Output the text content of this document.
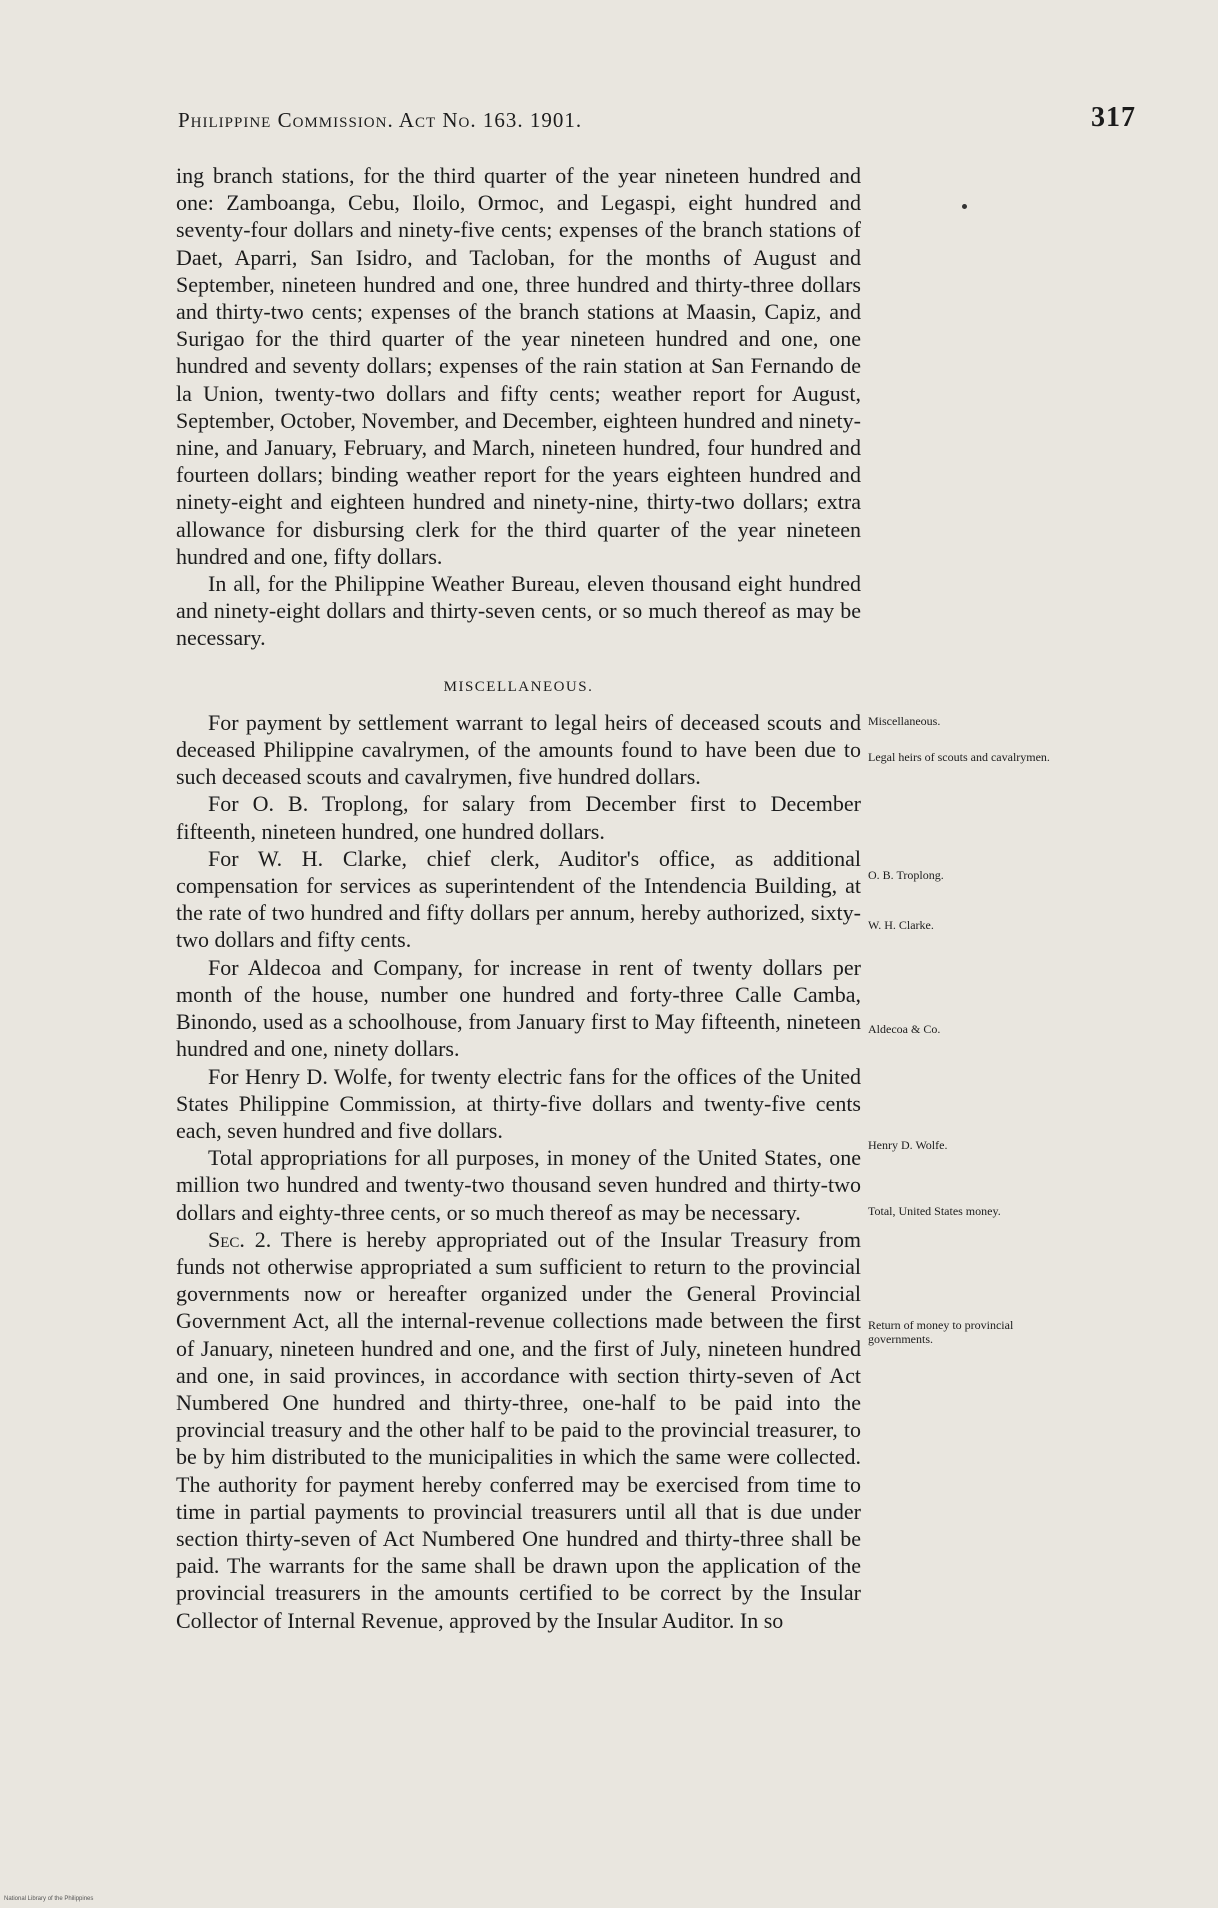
Philippine Commission. Act No. 163. 1901.	317

ing branch stations, for the third quarter of the year nineteen hundred and one: Zamboanga, Cebu, Iloilo, Ormoc, and Legaspi, eight hundred and seventy-four dollars and ninety-five cents; expenses of the branch stations of Daet, Aparri, San Isidro, and Tacloban, for the months of August and September, nineteen hundred and one, three hundred and thirty-three dollars and thirty-two cents; expenses of the branch stations at Maasin, Capiz, and Surigao for the third quarter of the year nineteen hundred and one, one hundred and seventy dollars; expenses of the rain station at San Fernando de la Union, twenty-two dollars and fifty cents; weather report for August, September, October, November, and December, eighteen hundred and ninety-nine, and January, February, and March, nineteen hundred, four hundred and fourteen dollars; binding weather report for the years eighteen hundred and ninety-eight and eighteen hundred and ninety-nine, thirty-two dollars; extra allowance for disbursing clerk for the third quarter of the year nineteen hundred and one, fifty dollars.

In all, for the Philippine Weather Bureau, eleven thousand eight hundred and ninety-eight dollars and thirty-seven cents, or so much thereof as may be necessary.

MISCELLANEOUS.

For payment by settlement warrant to legal heirs of deceased scouts and deceased Philippine cavalrymen, of the amounts found to have been due to such deceased scouts and cavalrymen, five hundred dollars.

For O. B. Troplong, for salary from December first to December fifteenth, nineteen hundred, one hundred dollars.

For W. H. Clarke, chief clerk, Auditor's office, as additional compensation for services as superintendent of the Intendencia Building, at the rate of two hundred and fifty dollars per annum, hereby authorized, sixty-two dollars and fifty cents.

For Aldecoa and Company, for increase in rent of twenty dollars per month of the house, number one hundred and forty-three Calle Camba, Binondo, used as a schoolhouse, from January first to May fifteenth, nineteen hundred and one, ninety dollars.

For Henry D. Wolfe, for twenty electric fans for the offices of the United States Philippine Commission, at thirty-five dollars and twenty-five cents each, seven hundred and five dollars.

Total appropriations for all purposes, in money of the United States, one million two hundred and twenty-two thousand seven hundred and thirty-two dollars and eighty-three cents, or so much thereof as may be necessary.

Sec. 2. There is hereby appropriated out of the Insular Treasury from funds not otherwise appropriated a sum sufficient to return to the provincial governments now or hereafter organized under the General Provincial Government Act, all the internal-revenue collections made between the first of January, nineteen hundred and one, and the first of July, nineteen hundred and one, in said provinces, in accordance with section thirty-seven of Act Numbered One hundred and thirty-three, one-half to be paid into the provincial treasury and the other half to be paid to the provincial treasurer, to be by him distributed to the municipalities in which the same were collected. The authority for payment hereby conferred may be exercised from time to time in partial payments to provincial treasurers until all that is due under section thirty-seven of Act Numbered One hundred and thirty-three shall be paid. The warrants for the same shall be drawn upon the application of the provincial treasurers in the amounts certified to be correct by the Insular Collector of Internal Revenue, approved by the Insular Auditor. In so

Miscellaneous.
Legal heirs of scouts and cavalrymen.
O. B. Troplong.
W. H. Clarke.
Aldecoa & Co.
Henry D. Wolfe.
Total, United States money.
Return of money to provincial governments.
National Library of the Philippines
